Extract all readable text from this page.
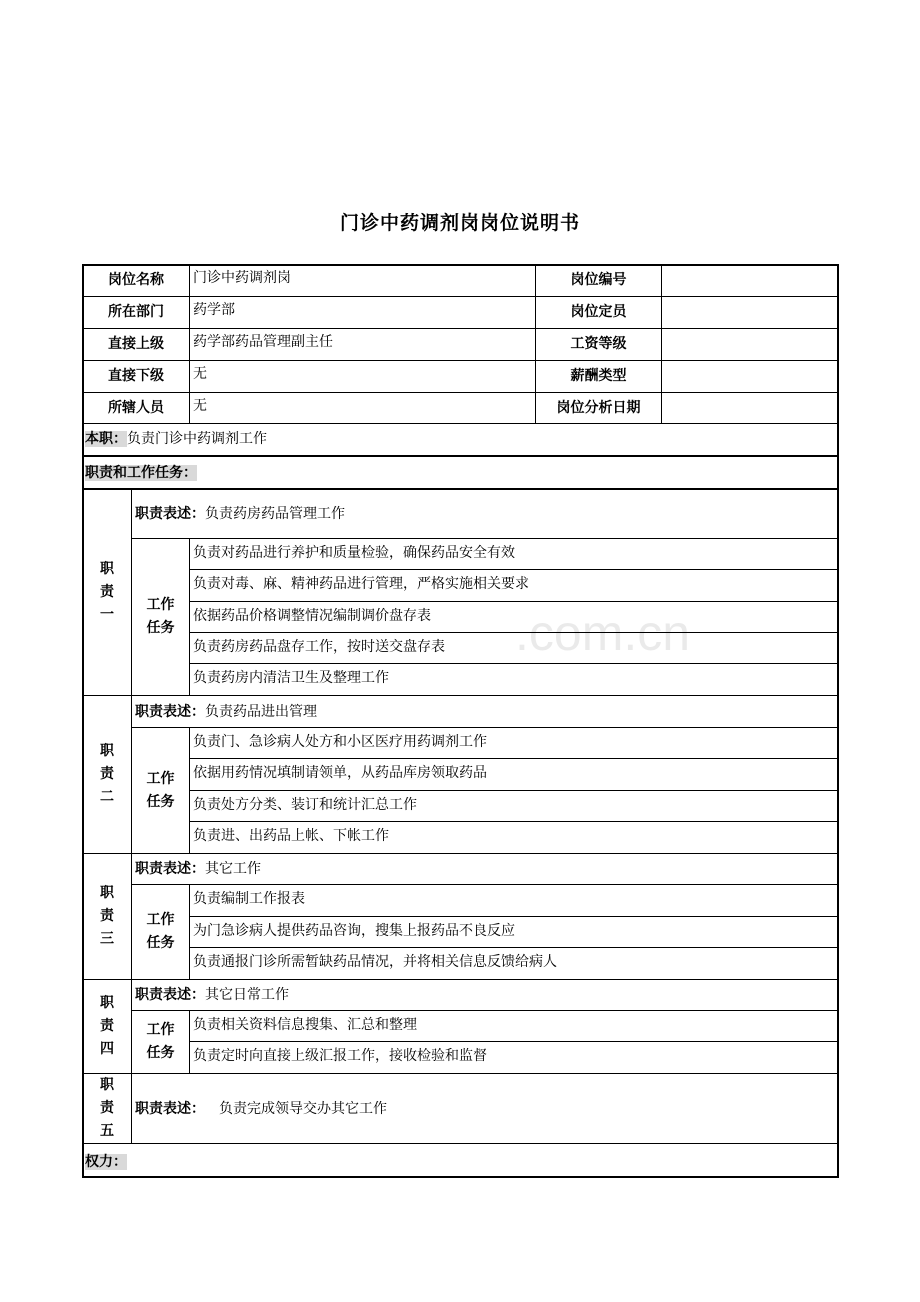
门诊中药调剂岗岗位说明书
.com.cn
岗位名称	门诊中药调剂岗	岗位编号
所在部门	药学部	岗位定员
直接上级	药学部药品管理副主任	工资等级
直接下级	无	薪酬类型
所辖人员	无	岗位分析日期
本职：负责门诊中药调剂工作
职责和工作任务：
职
责
一
职责表述： 负责药房药品管理工作
工作
任务
负责对药品进行养护和质量检验，确保药品安全有效
负责对毒、麻、精神药品进行管理，严格实施相关要求
依据药品价格调整情况编制调价盘存表
负责药房药品盘存工作，按时送交盘存表
负责药房内清洁卫生及整理工作
职
责
二
职责表述： 负责药品进出管理
工作
任务
负责门、急诊病人处方和小区医疗用药调剂工作
依据用药情况填制请领单，从药品库房领取药品
负责处方分类、装订和统计汇总工作
负责进、出药品上帐、下帐工作
职
责
三
职责表述： 其它工作
工作
任务
负责编制工作报表
为门急诊病人提供药品咨询，搜集上报药品不良反应
负责通报门诊所需暂缺药品情况，并将相关信息反馈给病人
职
责
四
职责表述： 其它日常工作
工作
任务
负责相关资料信息搜集、汇总和整理
负责定时向直接上级汇报工作，接收检验和监督
职
责
五
职责表述： 负责完成领导交办其它工作
权力：
